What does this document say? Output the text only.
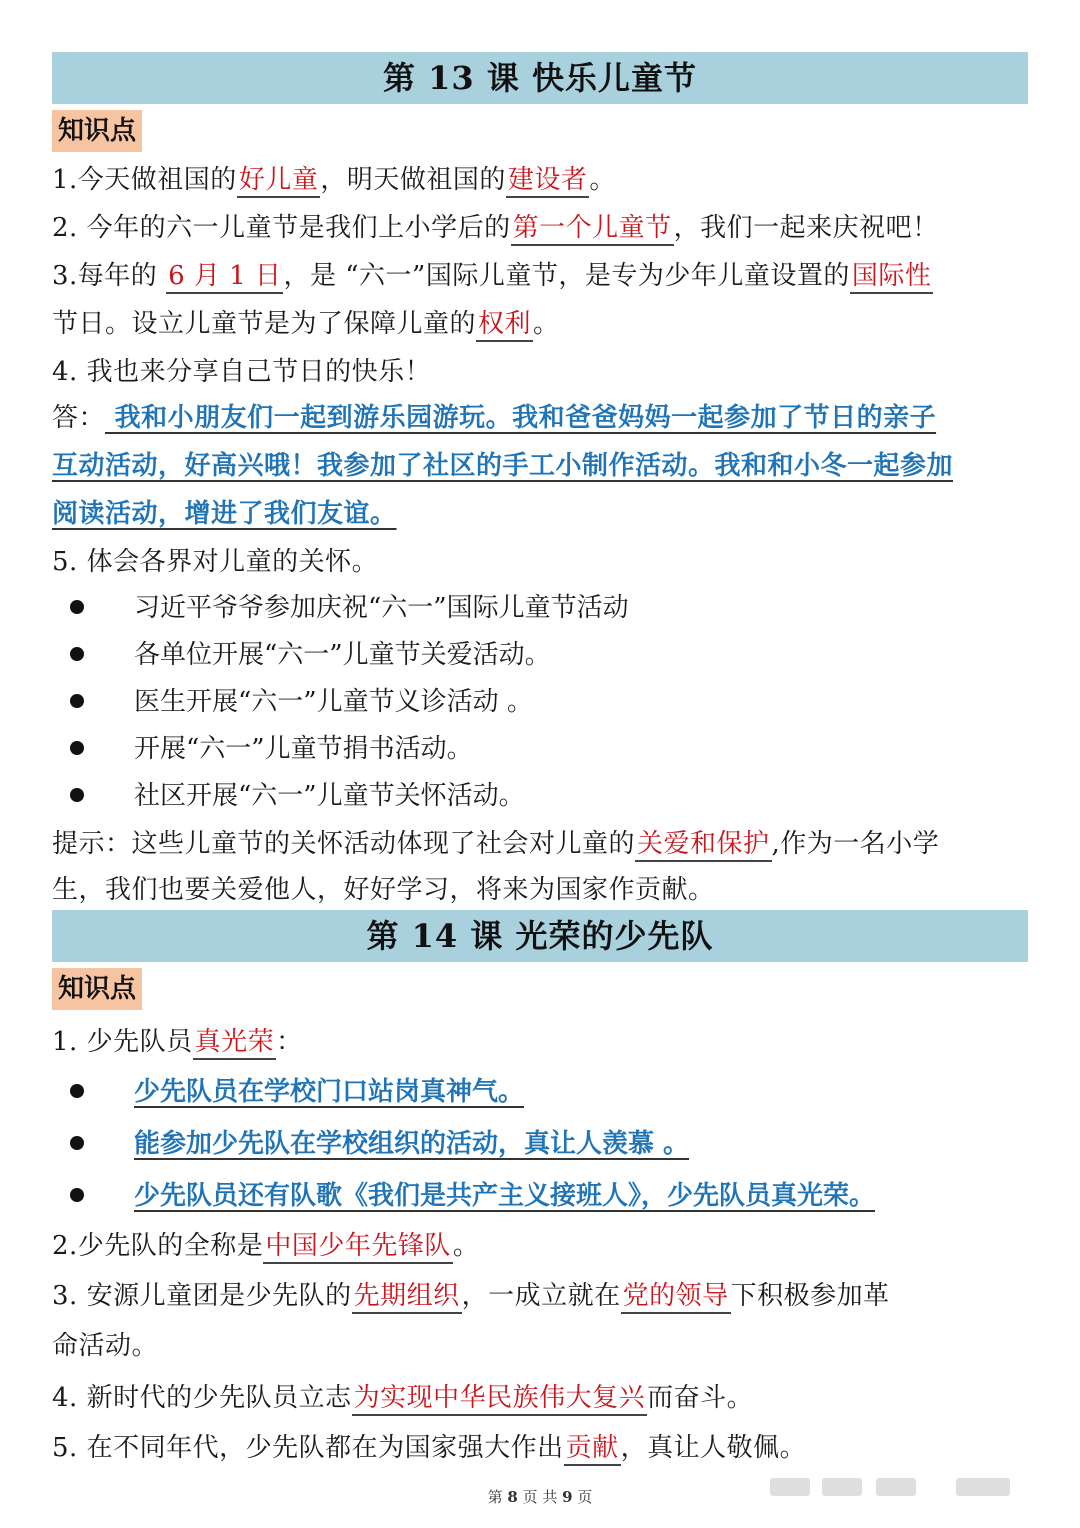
第 13 课 快乐儿童节
知识点
1.今天做祖国的好儿童，明天做祖国的建设者。
2. 今年的六一儿童节是我们上小学后的第一个儿童节，我们一起来庆祝吧！
3.每年的 6 月 1 日，是 “六一”国际儿童节，是专为少年儿童设置的国际性
节日。设立儿童节是为了保障儿童的权利。
4. 我也来分享自己节日的快乐！
答： 我和小朋友们一起到游乐园游玩。我和爸爸妈妈一起参加了节日的亲子
互动活动，好高兴哦！我参加了社区的手工小制作活动。我和和小冬一起参加
阅读活动，增进了我们友谊。
5. 体会各界对儿童的关怀。
习近平爷爷参加庆祝“六一”国际儿童节活动
各单位开展“六一”儿童节关爱活动。
医生开展“六一”儿童节义诊活动 。
开展“六一”儿童节捐书活动。
社区开展“六一”儿童节关怀活动。
提示：这些儿童节的关怀活动体现了社会对儿童的关爱和保护,作为一名小学
生，我们也要关爱他人，好好学习，将来为国家作贡献。
第 14 课 光荣的少先队
知识点
1. 少先队员真光荣：
少先队员在学校门口站岗真神气。
能参加少先队在学校组织的活动，真让人羡慕 。
少先队员还有队歌《我们是共产主义接班人》，少先队员真光荣。
2.少先队的全称是中国少年先锋队。
3. 安源儿童团是少先队的先期组织，一成立就在党的领导下积极参加革
命活动。
4. 新时代的少先队员立志为实现中华民族伟大复兴而奋斗。
5. 在不同年代，少先队都在为国家强大作出贡献，真让人敬佩。
第 8 页 共 9 页
